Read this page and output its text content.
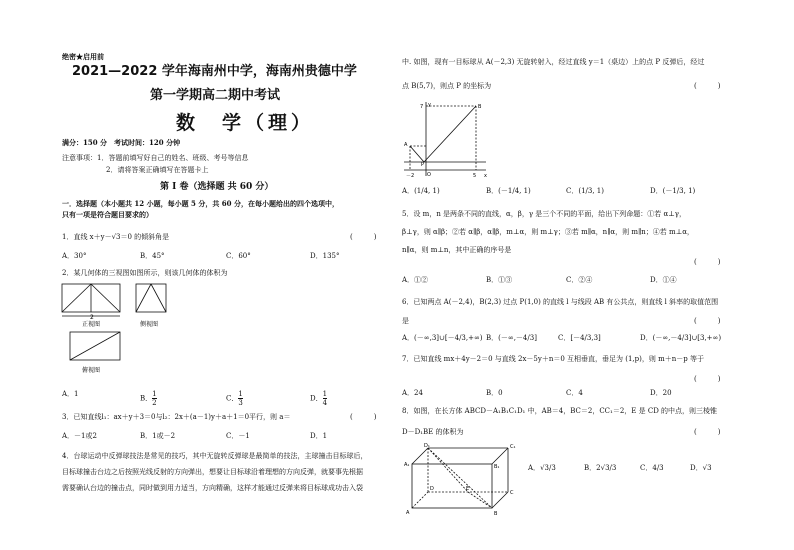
绝密★启用前
2021—2022 学年海南州中学，海南州贵德中学
第一学期高二期中考试
数　学（理）
满分：150 分　考试时间：120 分钟
注意事项：1．答题前填写好自己的姓名、班级、考号等信息
2．请将答案正确填写在答题卡上
第 I 卷（选择题 共 60 分）
一．选择题（本小题共 12 小题，每小题 5 分，共 60 分，在每小题给出的四个选项中，
只有一项是符合题目要求的）
1．直线 x＋y－√3＝0 的倾斜角是	(　　　)
A．30°	B．45°	C．60°	D．135°
2．某几何体的三视图如图所示，则该几何体的体积为
2
正视图	侧视图
俯视图
A．1
B． $\frac{1}{2}$	C． $\frac{1}{3}$	D． $\frac{1}{4}$
3．已知直线l₁：ax＋y＋3＝0与l₂：2x＋(a－1)y＋a＋1＝0平行，则 a＝	(　　　)
A．－1或2	B．1或－2	C．－1	D．1
4．台球运动中反弹球技法是常见的技巧，其中无旋转反弹球是最简单的技法，主球撞击目标球后，
目标球撞击台边之后按照光线反射的方向弹出，想要让目标球沿着理想的方向反弹，就要事先根据
需要确认台边的撞击点，同时做到用力适当，方向精确，这样才能通过反弹来将目标球成功击入袋
中. 如图，现有一目标球从 A(－2,3) 无旋转射入，经过直线 y＝1（桌边）上的点 P 反弹后，经过
点 B(5,7)，则点 P 的坐标为	(　　　)
7	B
A
P
O
－2	5 x
y
A．(1/4, 1)	B．(－1/4, 1)	C．(1/3, 1)	D．(－1/3, 1)
5．设 m，n 是两条不同的直线，α，β，γ 是三个不同的平面，给出下列命题：①若 α⊥γ，
β⊥γ，则 α∥β；②若 α∥β，α∥β，m⊥α，则 m⊥γ；③若 m∥α，n∥α，则 m∥n；④若 m⊥α，
n∥α，则 m⊥n，其中正确的序号是
(　　　)
A．①②	B．①③	C．②④	D．①④
6．已知两点 A(－2,4)，B(2,3) 过点 P(1,0) 的直线 l 与线段 AB 有公共点，则直线 l 斜率的取值范围
是	(　　　)
A．(－∞,3]∪[－4/3,+∞) B．(－∞,－4/3]	C．[－4/3,3]	D．(－∞,－4/3]∪[3,+∞)
7．已知直线 mx＋4y－2＝0 与直线 2x－5y＋n＝0 互相垂直，垂足为 (1,p)，则 m＋n－p 等于
(　　　)
A．24	B．0	C．4	D．20
8．如图，在长方体 ABCD－A₁B₁C₁D₁ 中，AB＝4，BC＝2，CC₁＝2，E 是 CD 的中点，则三棱锥
D－D₁BE 的体积为	(　　　)
D₁	C₁
A₁	B₁
D	E
C
A	B
A．√3/3	B．2√3/3	C．4/3	D．√3
